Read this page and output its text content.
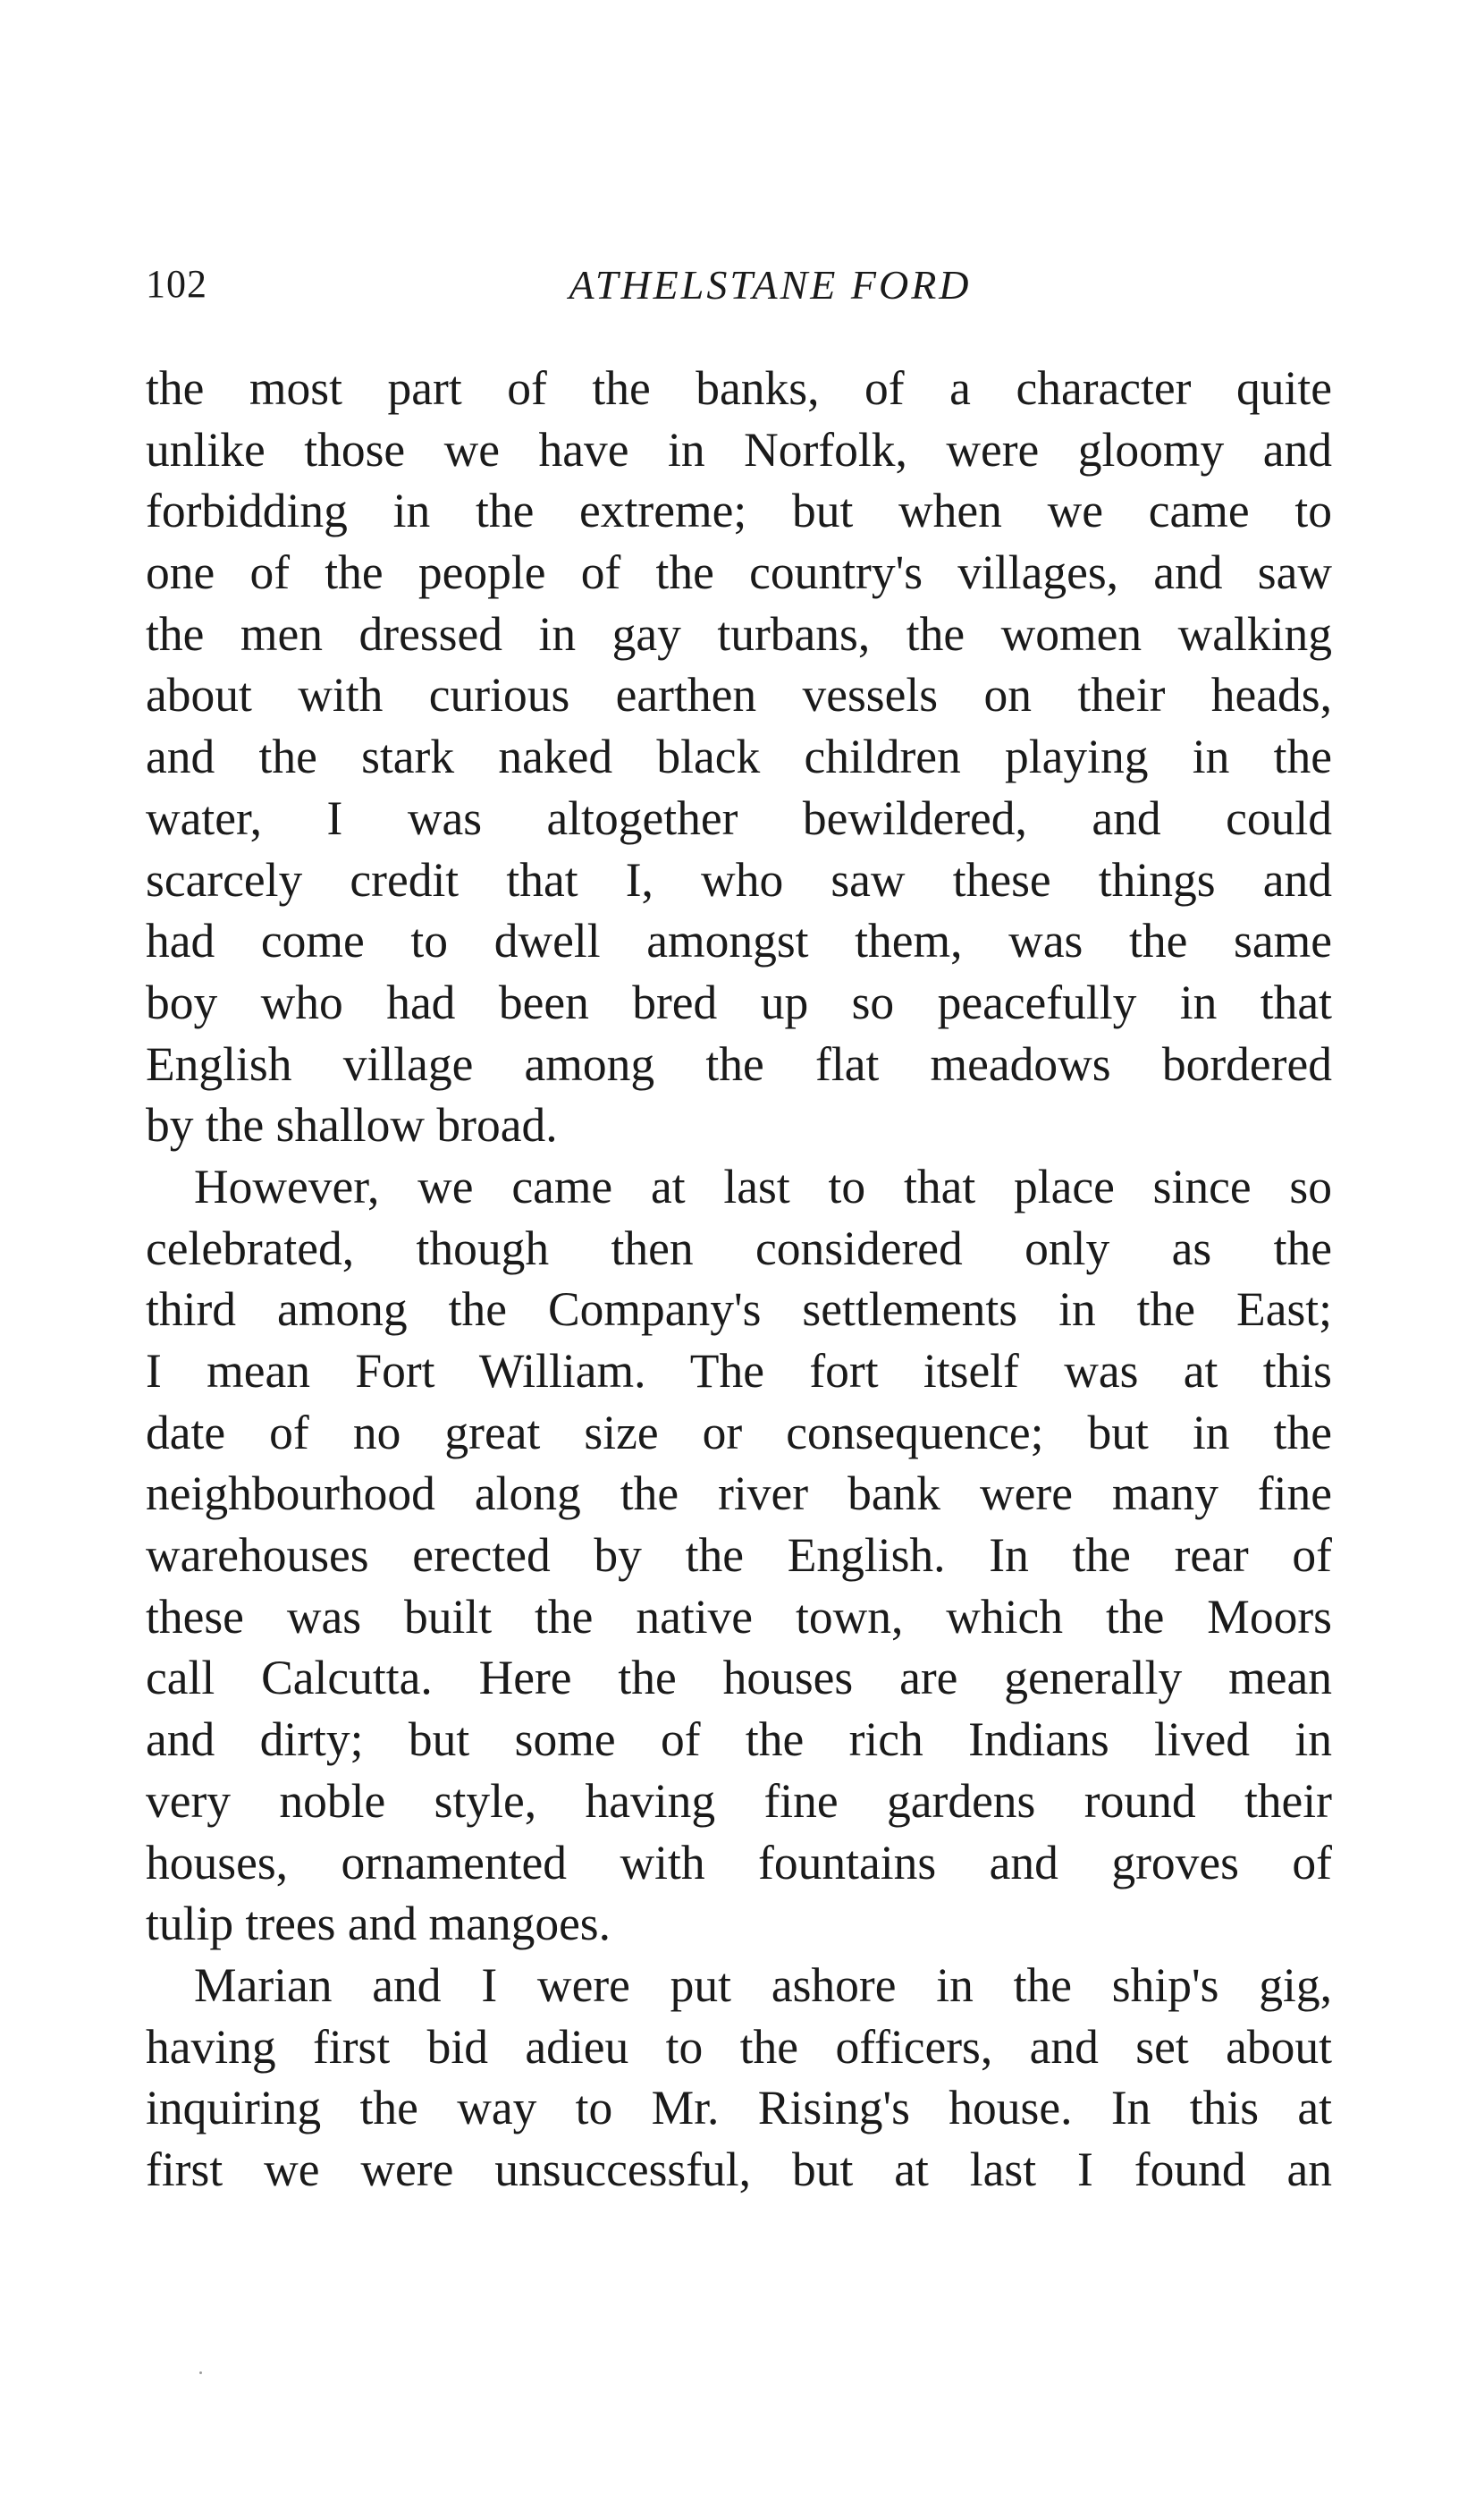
102	ATHELSTANE FORD
the most part of the banks, of a character quite
unlike those we have in Norfolk, were gloomy and
forbidding in the extreme; but when we came to
one of the people of the country's villages, and saw
the men dressed in gay turbans, the women walking
about with curious earthen vessels on their heads,
and the stark naked black children playing in the
water, I was altogether bewildered, and could
scarcely credit that I, who saw these things and
had come to dwell amongst them, was the same
boy who had been bred up so peacefully in that
English village among the flat meadows bordered
by the shallow broad.
However, we came at last to that place since so
celebrated, though then considered only as the
third among the Company's settlements in the East;
I mean Fort William. The fort itself was at this
date of no great size or consequence; but in the
neighbourhood along the river bank were many fine
warehouses erected by the English. In the rear of
these was built the native town, which the Moors
call Calcutta. Here the houses are generally mean
and dirty; but some of the rich Indians lived in
very noble style, having fine gardens round their
houses, ornamented with fountains and groves of
tulip trees and mangoes.
Marian and I were put ashore in the ship's gig,
having first bid adieu to the officers, and set about
inquiring the way to Mr. Rising's house. In this at
first we were unsuccessful, but at last I found an
